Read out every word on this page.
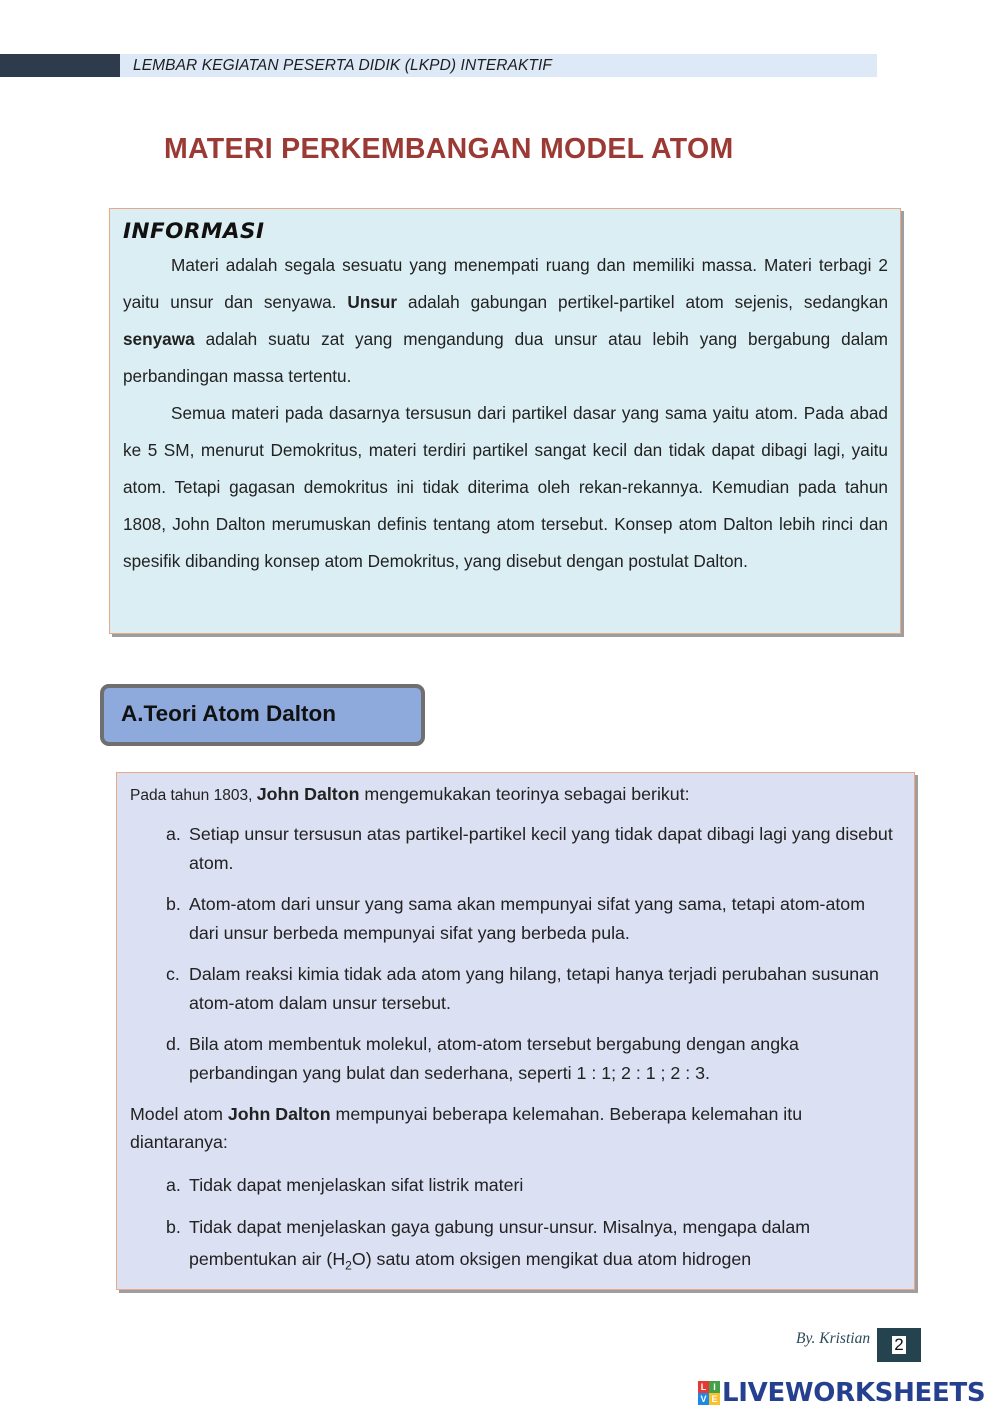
LEMBAR KEGIATAN PESERTA DIDIK (LKPD) INTERAKTIF
MATERI PERKEMBANGAN MODEL ATOM
INFORMASI

Materi adalah segala sesuatu yang menempati ruang dan memiliki massa. Materi terbagi 2 yaitu unsur dan senyawa. Unsur adalah gabungan pertikel-partikel atom sejenis, sedangkan senyawa adalah suatu zat yang mengandung dua unsur atau lebih yang bergabung dalam perbandingan massa tertentu.

Semua materi pada dasarnya tersusun dari partikel dasar yang sama yaitu atom. Pada abad ke 5 SM, menurut Demokritus, materi terdiri partikel sangat kecil dan tidak dapat dibagi lagi, yaitu atom. Tetapi gagasan demokritus ini tidak diterima oleh rekan-rekannya. Kemudian pada tahun 1808, John Dalton merumuskan definis tentang atom tersebut. Konsep atom Dalton lebih rinci dan spesifik dibanding konsep atom Demokritus, yang disebut dengan postulat Dalton.

A.Teori Atom Dalton

Pada tahun 1803, John Dalton mengemukakan teorinya sebagai berikut:

a. Setiap unsur tersusun atas partikel-partikel kecil yang tidak dapat dibagi lagi yang disebut atom.
b. Atom-atom dari unsur yang sama akan mempunyai sifat yang sama, tetapi atom-atom dari unsur berbeda mempunyai sifat yang berbeda pula.
c. Dalam reaksi kimia tidak ada atom yang hilang, tetapi hanya terjadi perubahan susunan atom-atom dalam unsur tersebut.
d. Bila atom membentuk molekul, atom-atom tersebut bergabung dengan angka perbandingan yang bulat dan sederhana, seperti 1 : 1; 2 : 1 ; 2 : 3.

Model atom John Dalton mempunyai beberapa kelemahan. Beberapa kelemahan itu diantaranya:

a. Tidak dapat menjelaskan sifat listrik materi
b. Tidak dapat menjelaskan gaya gabung unsur-unsur. Misalnya, mengapa dalam pembentukan air $(H_2O)$ satu atom oksigen mengikat dua atom hidrogen
By. Kristian 2
L I
V E LIVEWORKSHEETS
